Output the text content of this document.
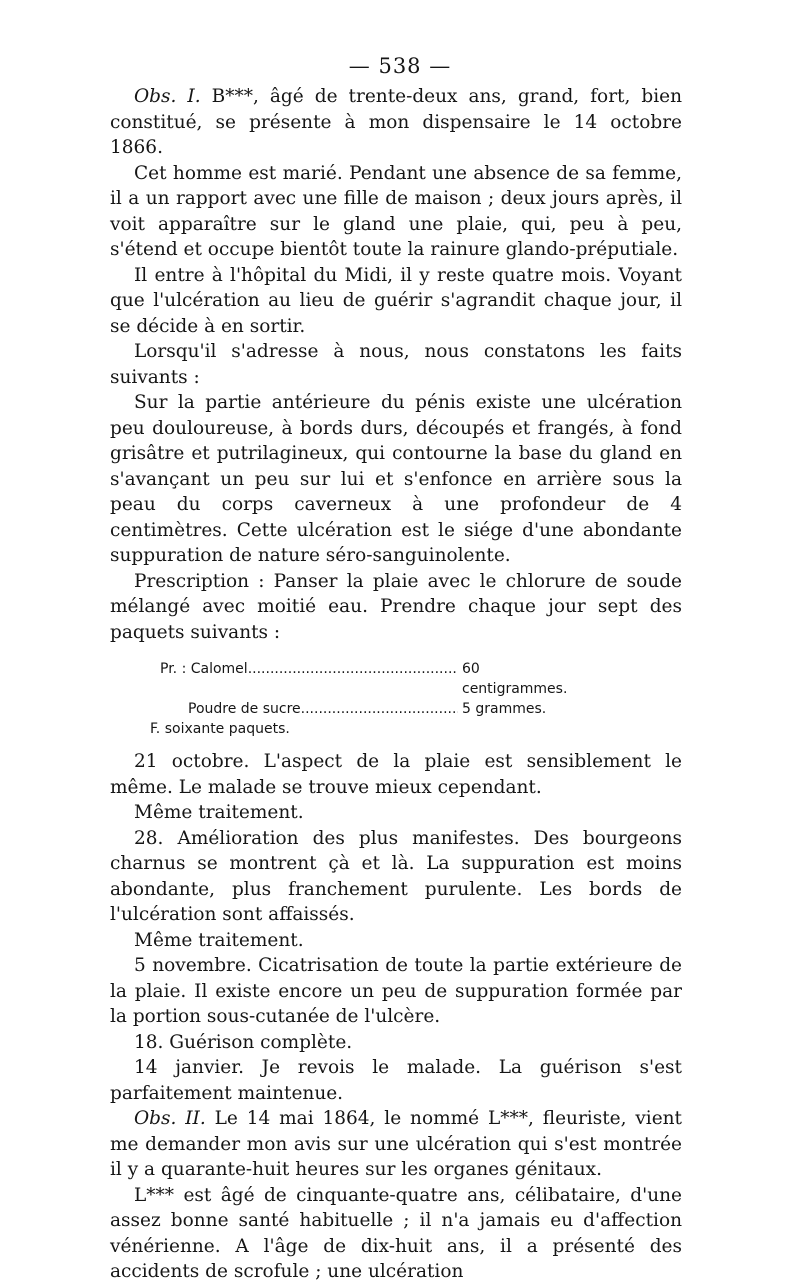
— 538 —

Obs. I. B***, âgé de trente-deux ans, grand, fort, bien constitué, se présente à mon dispensaire le 14 octobre 1866.

Cet homme est marié. Pendant une absence de sa femme, il a un rapport avec une fille de maison ; deux jours après, il voit apparaître sur le gland une plaie, qui, peu à peu, s'étend et occupe bientôt toute la rainure glando-préputiale.

Il entre à l'hôpital du Midi, il y reste quatre mois. Voyant que l'ulcération au lieu de guérir s'agrandit chaque jour, il se décide à en sortir.

Lorsqu'il s'adresse à nous, nous constatons les faits suivants :

Sur la partie antérieure du pénis existe une ulcération peu douloureuse, à bords durs, découpés et frangés, à fond grisâtre et putrilagineux, qui contourne la base du gland en s'avançant un peu sur lui et s'enfonce en arrière sous la peau du corps caverneux à une profondeur de 4 centimètres. Cette ulcération est le siége d'une abondante suppuration de nature séro-sanguinolente.

Prescription : Panser la plaie avec le chlorure de soude mélangé avec moitié eau. Prendre chaque jour sept des paquets suivants :

Pr. : Calomel .....	60 centigrammes.
Poudre de sucre .....	5 grammes.
F. soixante paquets.

21 octobre. L'aspect de la plaie est sensiblement le même. Le malade se trouve mieux cependant.

Même traitement.

28. Amélioration des plus manifestes. Des bourgeons charnus se montrent çà et là. La suppuration est moins abondante, plus franchement purulente. Les bords de l'ulcération sont affaissés.

Même traitement.

5 novembre. Cicatrisation de toute la partie extérieure de la plaie. Il existe encore un peu de suppuration formée par la portion sous-cutanée de l'ulcère.

18. Guérison complète.

14 janvier. Je revois le malade. La guérison s'est parfaitement maintenue.

Obs. II. Le 14 mai 1864, le nommé L***, fleuriste, vient me demander mon avis sur une ulcération qui s'est montrée il y a quarante-huit heures sur les organes génitaux.

L*** est âgé de cinquante-quatre ans, célibataire, d'une assez bonne santé habituelle ; il n'a jamais eu d'affection vénérienne. A l'âge de dix-huit ans, il a présenté des accidents de scrofule ; une ulcération
